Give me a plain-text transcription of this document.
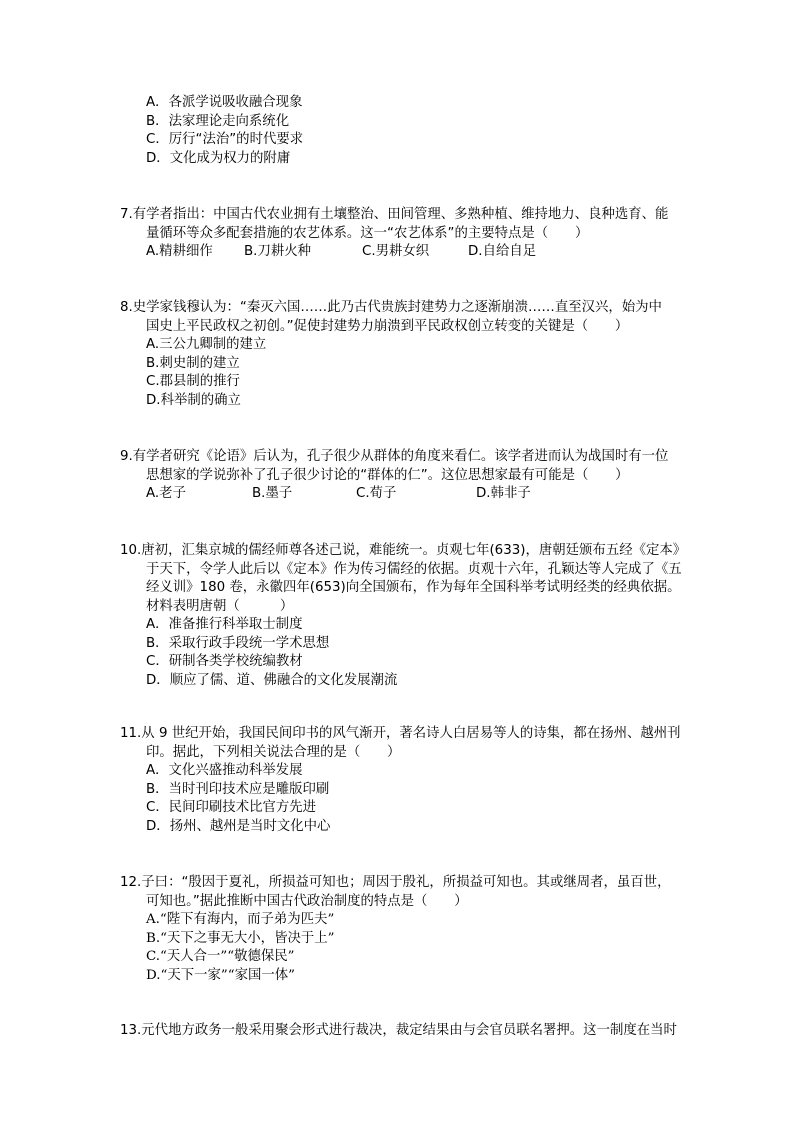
A．各派学说吸收融合现象
B．法家理论走向系统化
C．厉行“法治”的时代要求
D．文化成为权力的附庸
7.有学者指出：中国古代农业拥有土壤整治、田间管理、多熟种植、维持地力、良种选育、能
量循环等众多配套措施的农艺体系。这一“农艺体系”的主要特点是（　　）
A.精耕细作	B.刀耕火种	C.男耕女织	D.自给自足
8.史学家钱穆认为：“秦灭六国……此乃古代贵族封建势力之逐渐崩溃……直至汉兴，始为中
国史上平民政权之初创。”促使封建势力崩溃到平民政权创立转变的关键是（　　）
A.三公九卿制的建立
B.刺史制的建立
C.郡县制的推行
D.科举制的确立
9.有学者研究《论语》后认为，孔子很少从群体的角度来看仁。该学者进而认为战国时有一位
思想家的学说弥补了孔子很少讨论的“群体的仁”。这位思想家最有可能是（　　）
A.老子	B.墨子	C.荀子	D.韩非子
10.唐初，汇集京城的儒经师尊各述己说，难能统一。贞观七年(633)，唐朝廷颁布五经《定本》
于天下，令学人此后以《定本》作为传习儒经的依据。贞观十六年，孔颖达等人完成了《五
经义训》180 卷，永徽四年(653)向全国颁布，作为每年全国科举考试明经类的经典依据。
材料表明唐朝（　　　）
A．准备推行科举取士制度
B．采取行政手段统一学术思想
C．研制各类学校统编教材
D．顺应了儒、道、佛融合的文化发展潮流
11.从 9 世纪开始，我国民间印书的风气渐开，著名诗人白居易等人的诗集，都在扬州、越州刊
印。据此，下列相关说法合理的是（　　）
A．文化兴盛推动科举发展
B．当时刊印技术应是雕版印刷
C．民间印刷技术比官方先进
D．扬州、越州是当时文化中心
12.子曰：“殷因于夏礼，所损益可知也；周因于殷礼，所损益可知也。其或继周者，虽百世，
可知也。”据此推断中国古代政治制度的特点是（　　）
A.“陛下有海内，而子弟为匹夫”
B.“天下之事无大小，皆决于上”
C.“天人合一”“敬德保民”
D.“天下一家”“家国一体”
13.元代地方政务一般采用聚会形式进行裁决，裁定结果由与会官员联名署押。这一制度在当时
